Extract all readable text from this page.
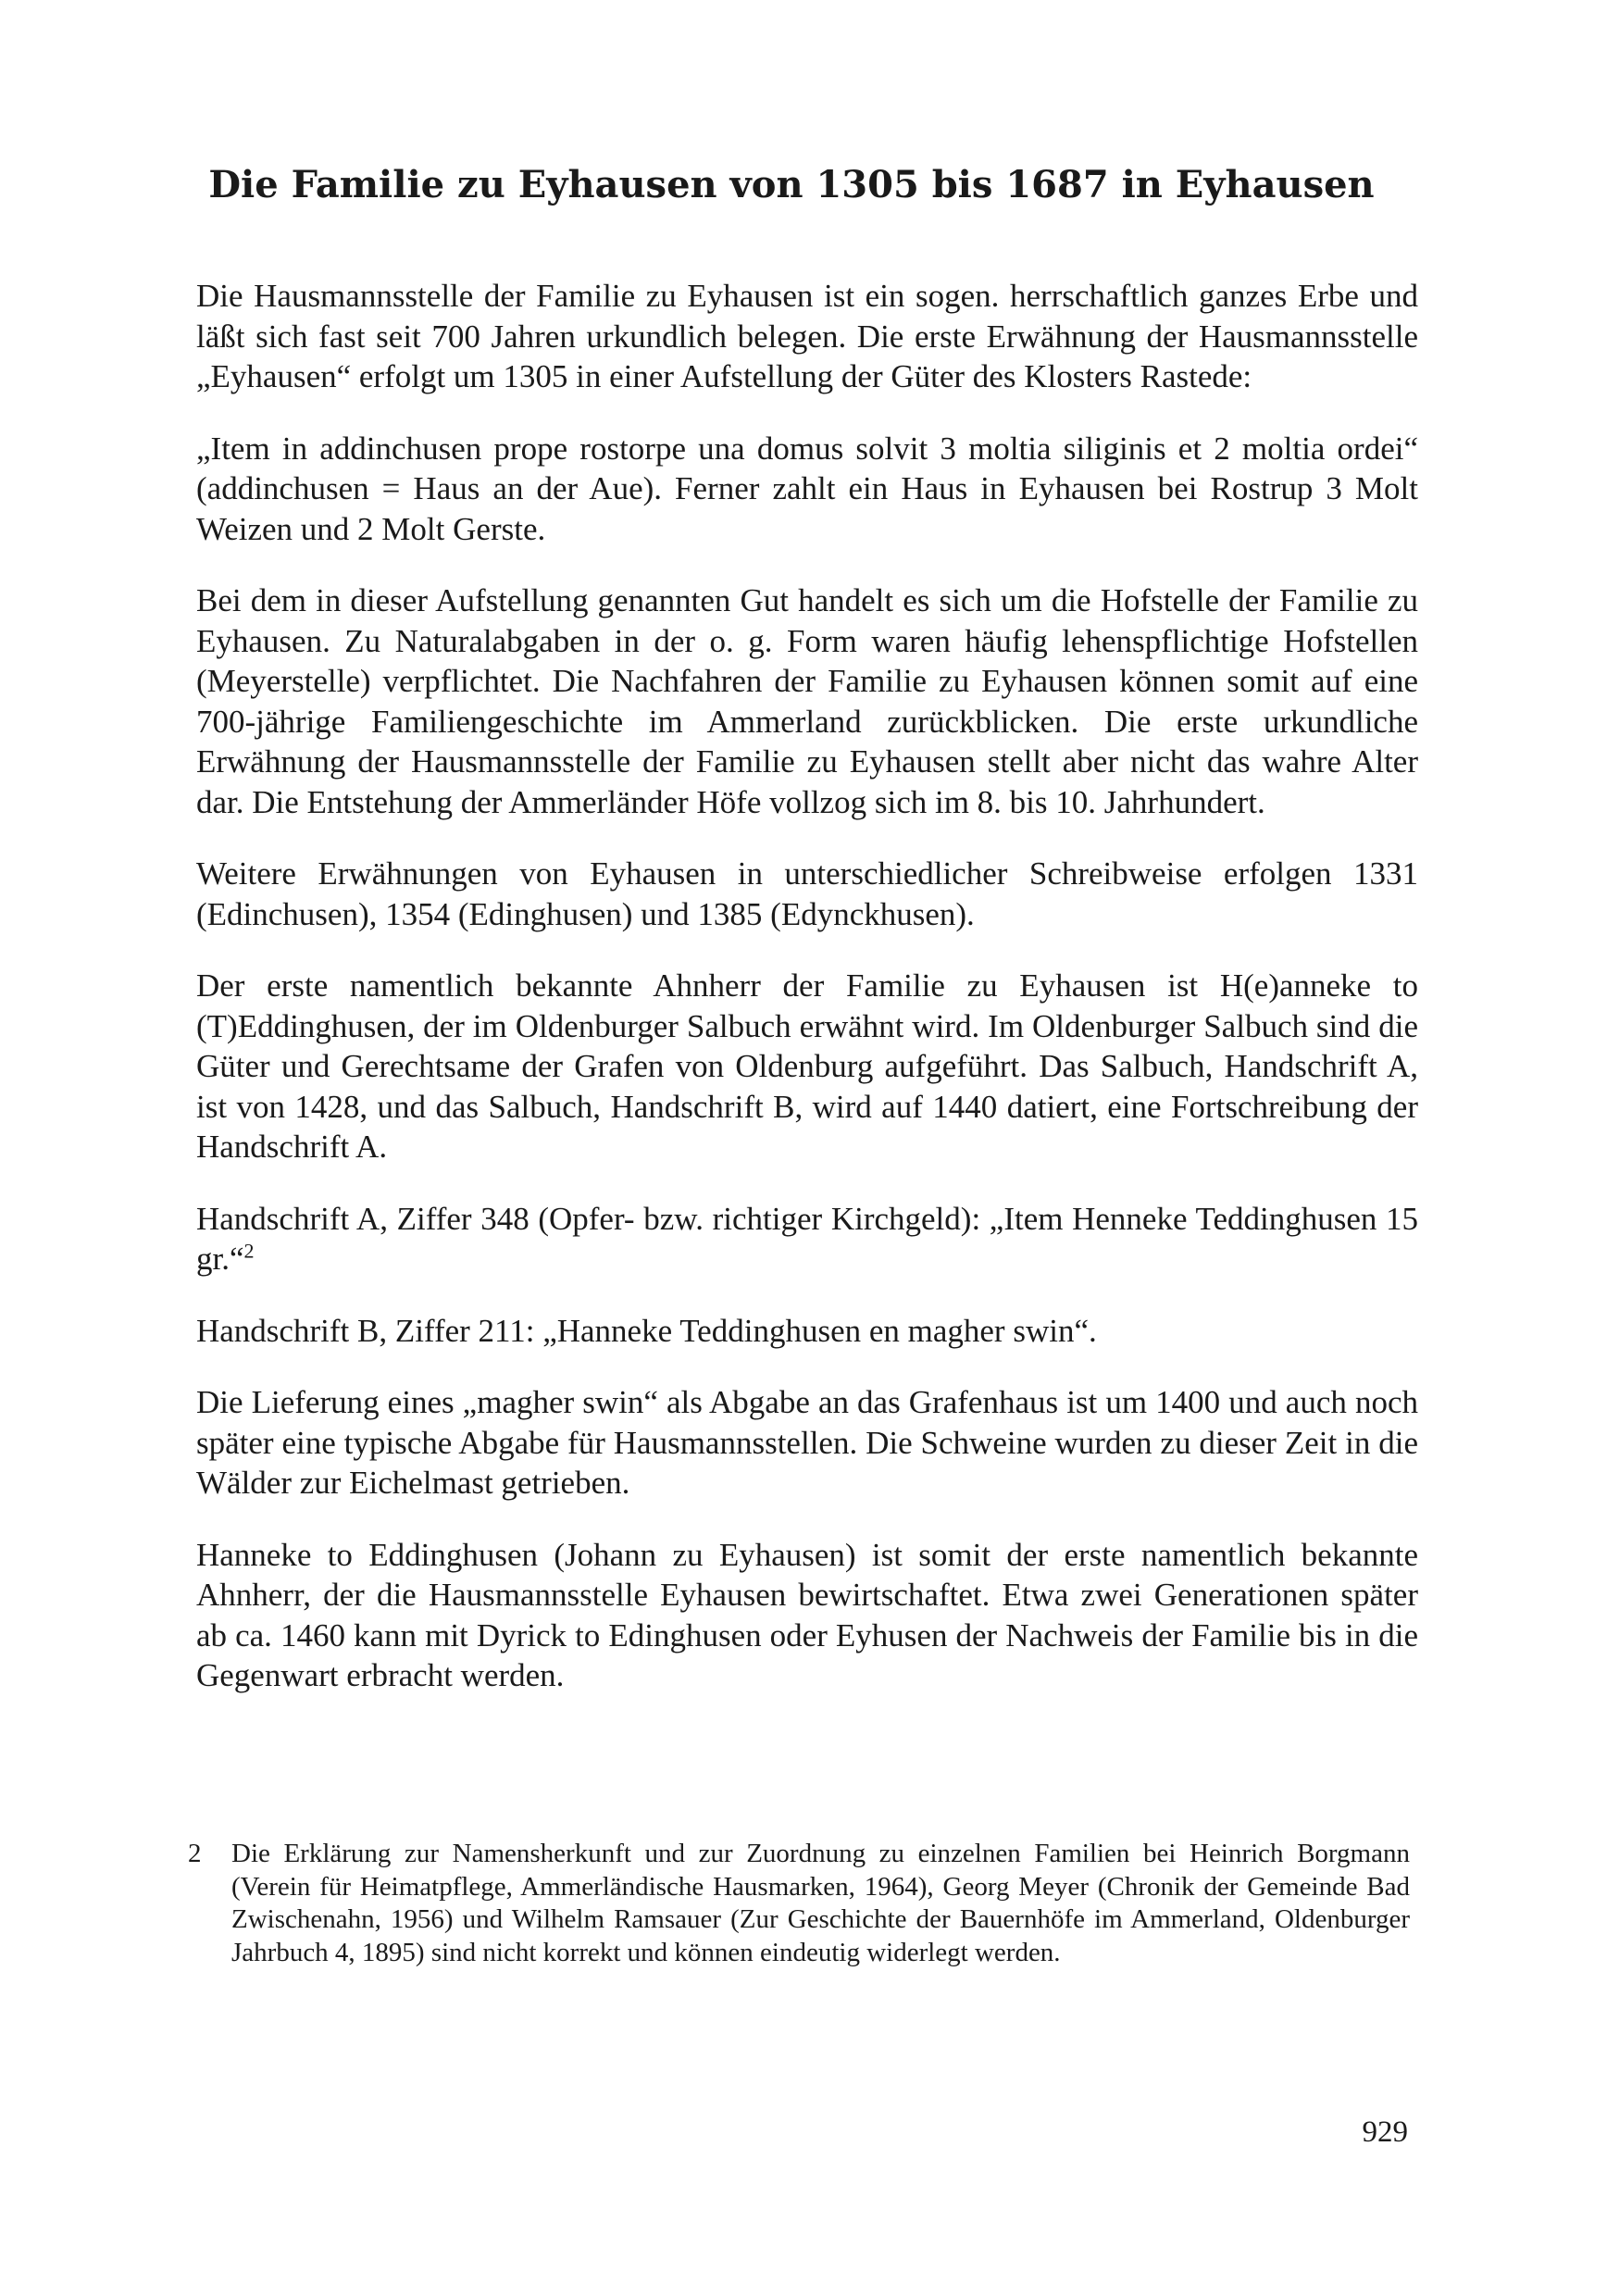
Die Familie zu Eyhausen von 1305 bis 1687 in Eyhausen

Die Hausmannsstelle der Familie zu Eyhausen ist ein sogen. herrschaftlich ganzes Erbe und läßt sich fast seit 700 Jahren urkundlich belegen. Die erste Erwähnung der Hausmannsstelle „Eyhausen“ erfolgt um 1305 in einer Aufstellung der Güter des Klosters Rastede:

„Item in addinchusen prope rostorpe una domus solvit 3 moltia siliginis et 2 moltia ordei“ (addinchusen = Haus an der Aue). Ferner zahlt ein Haus in Eyhausen bei Rostrup 3 Molt Weizen und 2 Molt Gerste.

Bei dem in dieser Aufstellung genannten Gut handelt es sich um die Hofstelle der Familie zu Eyhausen. Zu Naturalabgaben in der o. g. Form waren häufig lehenspflichtige Hofstellen (Meyerstelle) verpflichtet. Die Nachfahren der Familie zu Eyhausen können somit auf eine 700-jährige Familiengeschichte im Ammerland zurückblicken. Die erste urkundliche Erwähnung der Hausmannsstelle der Familie zu Eyhausen stellt aber nicht das wahre Alter dar. Die Entstehung der Ammerländer Höfe vollzog sich im 8. bis 10. Jahrhundert.

Weitere Erwähnungen von Eyhausen in unterschiedlicher Schreibweise erfolgen 1331 (Edinchusen), 1354 (Edinghusen) und 1385 (Edynckhusen).

Der erste namentlich bekannte Ahnherr der Familie zu Eyhausen ist H(e)anneke to (T)Eddinghusen, der im Oldenburger Salbuch erwähnt wird. Im Oldenburger Salbuch sind die Güter und Gerechtsame der Grafen von Oldenburg aufgeführt. Das Salbuch, Handschrift A, ist von 1428, und das Salbuch, Handschrift B, wird auf 1440 datiert, eine Fortschreibung der Handschrift A.

Handschrift A, Ziffer 348 (Opfer- bzw. richtiger Kirchgeld): „Item Henneke Teddinghusen 15 gr.“$^2$

Handschrift B, Ziffer 211: „Hanneke Teddinghusen en magher swin“.

Die Lieferung eines „magher swin“ als Abgabe an das Grafenhaus ist um 1400 und auch noch später eine typische Abgabe für Hausmannsstellen. Die Schweine wurden zu dieser Zeit in die Wälder zur Eichelmast getrieben.

Hanneke to Eddinghusen (Johann zu Eyhausen) ist somit der erste namentlich bekannte Ahnherr, der die Hausmannsstelle Eyhausen bewirtschaftet. Etwa zwei Generationen später ab ca. 1460 kann mit Dyrick to Edinghusen oder Eyhusen der Nachweis der Familie bis in die Gegenwart erbracht werden.

2	Die Erklärung zur Namensherkunft und zur Zuordnung zu einzelnen Familien bei Heinrich Borgmann (Verein für Heimatpflege, Ammerländische Hausmarken, 1964), Georg Meyer (Chronik der Gemeinde Bad Zwischenahn, 1956) und Wilhelm Ramsauer (Zur Geschichte der Bauernhöfe im Ammerland, Oldenburger Jahrbuch 4, 1895) sind nicht korrekt und können eindeutig widerlegt werden.
929
